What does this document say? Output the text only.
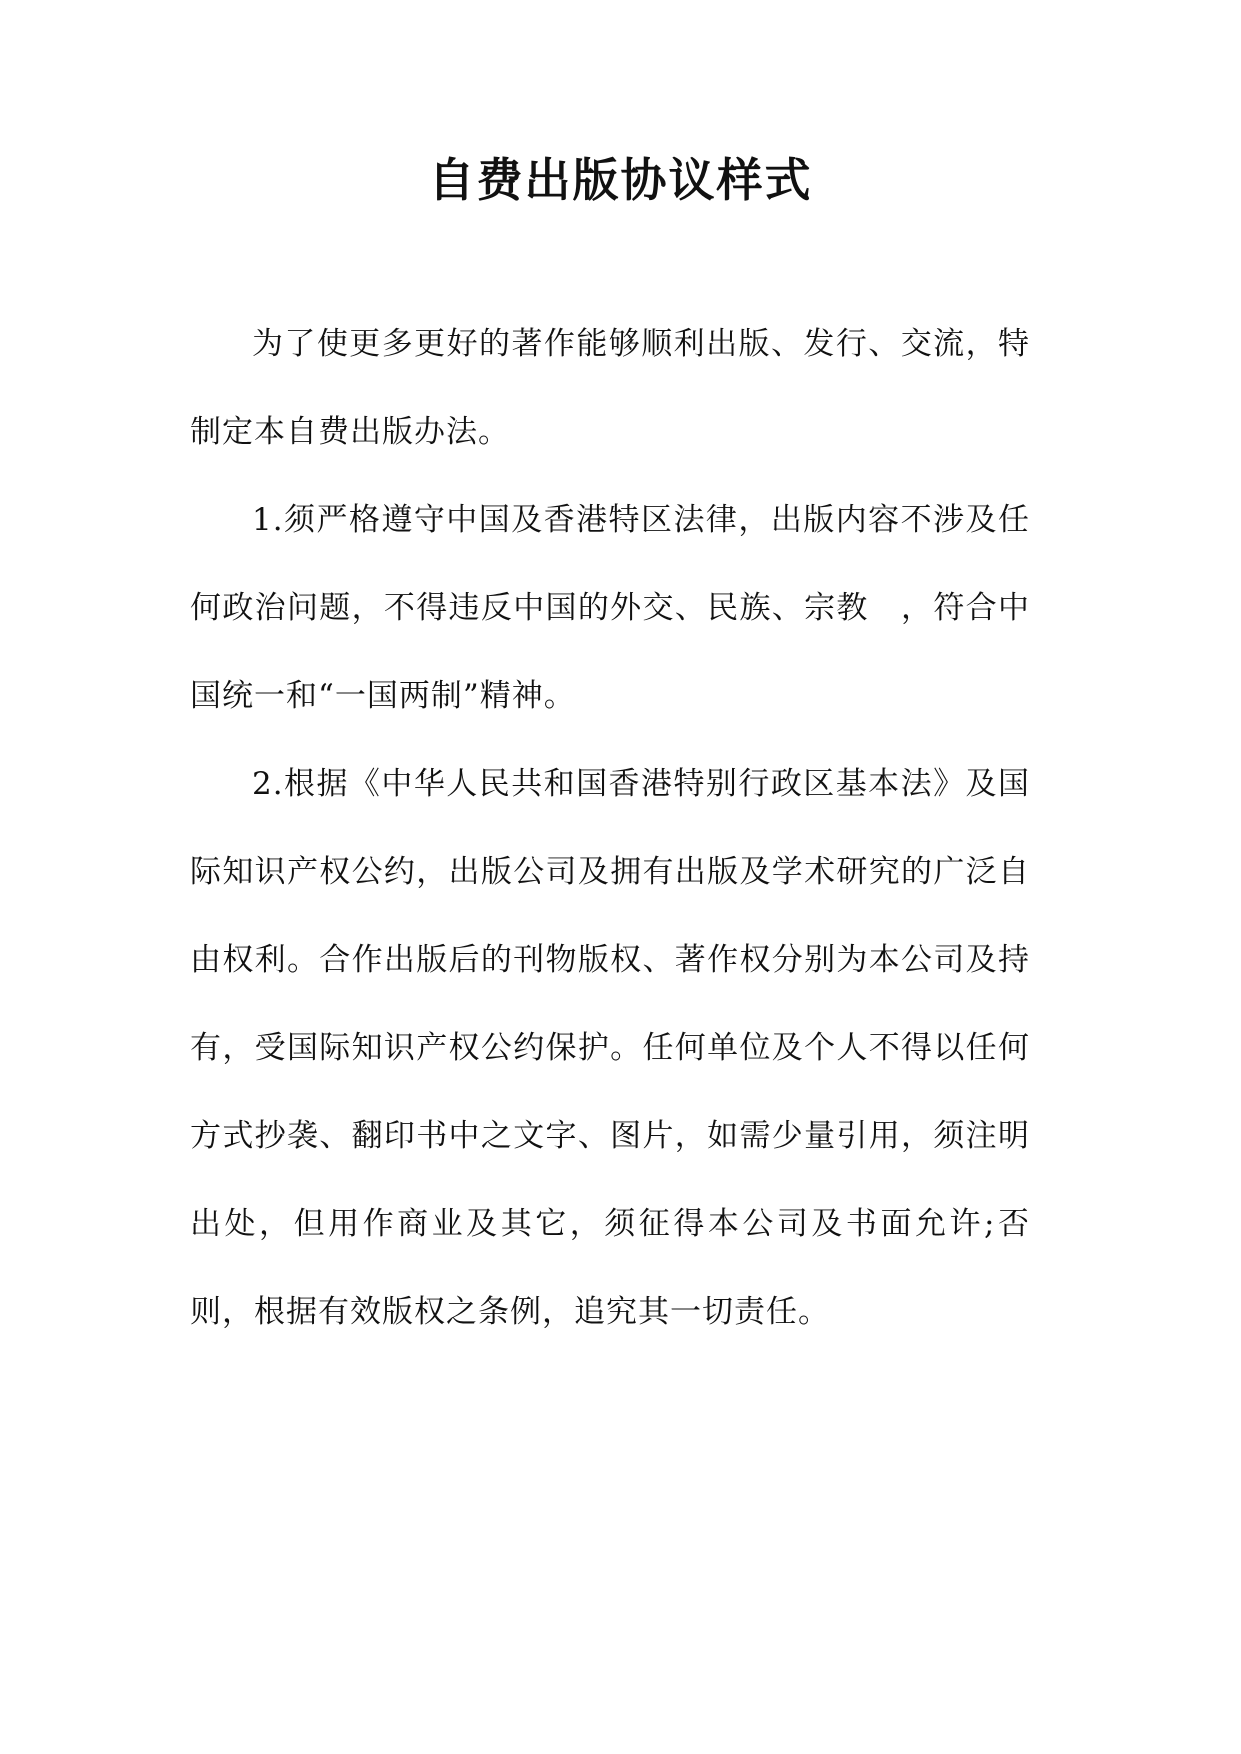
自费出版协议样式

为了使更多更好的著作能够顺利出版、发行、交流，特制定本自费出版办法。

1.须严格遵守中国及香港特区法律，出版内容不涉及任何政治问题，不得违反中国的外交、民族、宗教　，符合中国统一和“一国两制”精神。

2.根据《中华人民共和国香港特别行政区基本法》及国际知识产权公约，出版公司及拥有出版及学术研究的广泛自由权利。合作出版后的刊物版权、著作权分别为本公司及持有，受国际知识产权公约保护。任何单位及个人不得以任何方式抄袭、翻印书中之文字、图片，如需少量引用，须注明出处，但用作商业及其它，须征得本公司及书面允许;否则，根据有效版权之条例，追究其一切责任。
